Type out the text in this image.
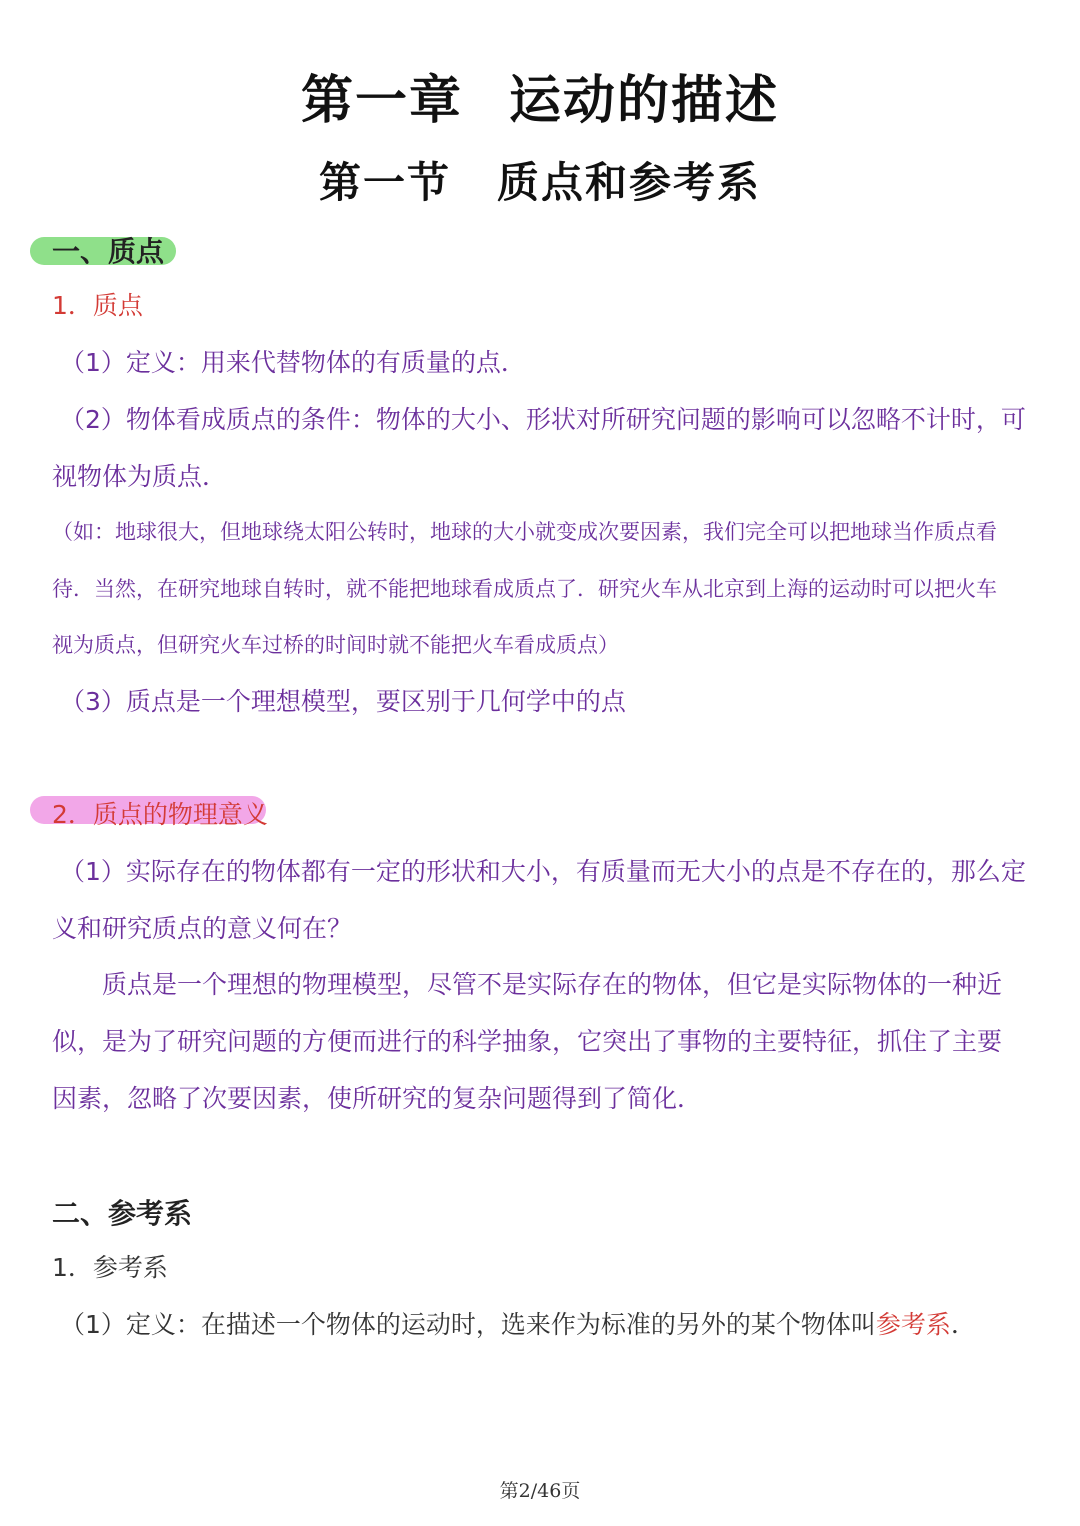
第一章 运动的描述
第一节 质点和参考系
一、质点
1．质点
（1）定义：用来代替物体的有质量的点．
（2）物体看成质点的条件：物体的大小、形状对所研究问题的影响可以忽略不计时，可
视物体为质点．
（如：地球很大，但地球绕太阳公转时，地球的大小就变成次要因素，我们完全可以把地球当作质点看
待．当然，在研究地球自转时，就不能把地球看成质点了．研究火车从北京到上海的运动时可以把火车
视为质点，但研究火车过桥的时间时就不能把火车看成质点）
（3）质点是一个理想模型，要区别于几何学中的点
2．质点的物理意义
（1）实际存在的物体都有一定的形状和大小，有质量而无大小的点是不存在的，那么定
义和研究质点的意义何在？
质点是一个理想的物理模型，尽管不是实际存在的物体，但它是实际物体的一种近
似，是为了研究问题的方便而进行的科学抽象，它突出了事物的主要特征，抓住了主要
因素，忽略了次要因素，使所研究的复杂问题得到了简化．
二、参考系
1．参考系
（1）定义：在描述一个物体的运动时，选来作为标准的另外的某个物体叫参考系．
第2/46页
